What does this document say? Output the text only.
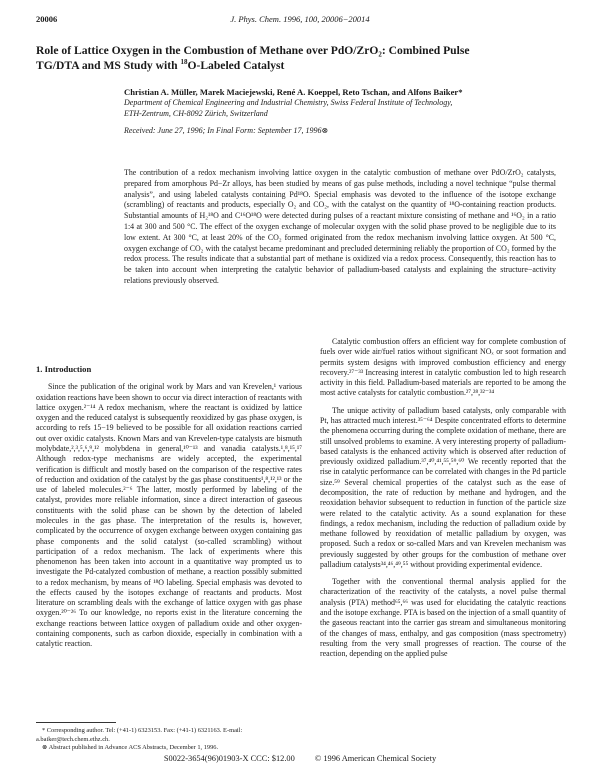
20006	J. Phys. Chem. 1996, 100, 20006−20014
Role of Lattice Oxygen in the Combustion of Methane over PdO/ZrO₂: Combined Pulse
TG/DTA and MS Study with $^{18}$O-Labeled Catalyst
Christian A. Müller, Marek Maciejewski, René A. Koeppel, Reto Tschan, and Alfons Baiker*
Department of Chemical Engineering and Industrial Chemistry, Swiss Federal Institute of Technology,
ETH-Zentrum, CH-8092 Zürich, Switzerland
Received: June 27, 1996; In Final Form: September 17, 1996⊗
The contribution of a redox mechanism involving lattice oxygen in the catalytic combustion of methane over PdO/ZrO₂ catalysts, prepared from amorphous Pd−Zr alloys, has been studied by means of gas pulse methods, including a novel technique “pulse thermal analysis”, and using labeled catalysts containing Pd¹⁸O. Special emphasis was devoted to the influence of the isotope exchange (scrambling) of reactants and products, especially O₂ and CO₂, with the catalyst on the quantity of ¹⁸O-containing reaction products. Substantial amounts of H₂¹⁸O and C¹⁶O¹⁸O were detected during pulses of a reactant mixture consisting of methane and ¹⁶O₂ in a ratio 1:4 at 300 and 500 °C. The effect of the oxygen exchange of molecular oxygen with the solid phase proved to be negligible due to its low extent. At 300 °C, at least 20% of the CO₂ formed originated from the redox mechanism involving lattice oxygen. At 500 °C, oxygen exchange of CO₂ with the catalyst became predominant and precluded determining reliably the proportion of CO₂ formed by the redox process. The results indicate that a substantial part of methane is oxidized via a redox process. Consequently, this reaction has to be taken into account when interpreting the catalytic behavior of palladium-based catalysts and explaining the structure−activity relations previously observed.
1. Introduction

Since the publication of the original work by Mars and van Krevelen,¹ various oxidation reactions have been shown to occur via direct interaction of reactants with lattice oxygen.²⁻¹⁴ A redox mechanism, where the reactant is oxidized by lattice oxygen and the reduced catalyst is subsequently reoxidized by gas phase oxygen, is according to refs 15−19 believed to be possible for all oxidation reactions carried out over oxidic catalysts. Known Mars and van Krevelen-type catalysts are bismuth molybdate,²,³,⁵,⁶,⁹,¹² molybdena in general,¹⁰⁻¹³ and vanadia catalysts.¹,⁸,¹⁵,¹⁷ Although redox-type mechanisms are widely accepted, the experimental verification is difficult and mostly based on the comparison of the respective rates of reduction and oxidation of the catalyst by the gas phase constituents¹,⁸,¹²,¹³ or the use of labeled molecules.²⁻⁶ The latter, mostly performed by labeling of the catalyst, provides more reliable information, since a direct interaction of gaseous constituents with the solid phase can be shown by the detection of labeled molecules in the gas phase. The interpretation of the results is, however, complicated by the occurrence of oxygen exchange between oxygen containing gas phase components and the solid catalyst (so-called scrambling) without participation of a redox mechanism. The lack of experiments where this phenomenon has been taken into account in a quantitative way prompted us to investigate the Pd-catalyzed combustion of methane, a reaction possibly submitted to a redox mechanism, by means of ¹⁸O labeling. Special emphasis was devoted to the effects caused by the isotopes exchange of reactants and products. Most literature on scrambling deals with the exchange of lattice oxygen with gas phase oxygen.²⁰⁻²⁶ To our knowledge, no reports exist in the literature concerning the exchange reactions between lattice oxygen of palladium oxide and other oxygen-containing components, such as carbon dioxide, especially in combination with a catalytic reaction.

Catalytic combustion offers an efficient way for complete combustion of fuels over wide air/fuel ratios without significant NOₓ or soot formation and permits system designs with improved combustion efficiency and energy recovery.²⁷⁻³³ Increasing interest in catalytic combustion led to high research activity in this field. Palladium-based materials are reported to be among the most active catalysts for catalytic combustion.²⁷,²⁸,³²⁻³⁴

The unique activity of palladium based catalysts, only comparable with Pt, has attracted much interest.³⁵⁻⁶⁴ Despite concentrated efforts to determine the phenomena occurring during the complete oxidation of methane, there are still unsolved problems to examine. A very interesting property of palladium-based catalysts is the enhanced activity which is observed after reduction of previously oxidized palladium.³⁷,⁴⁰,⁴¹,⁵⁵,⁵⁹,⁶⁰ We recently reported that the rise in catalytic performance can be correlated with changes in the Pd particle size.⁵⁹ Several chemical properties of the catalyst such as the ease of decomposition, the rate of reduction by methane and hydrogen, and the reoxidation behavior subsequent to reduction in function of the particle size were related to the catalytic activity. As a sound explanation for these findings, a redox mechanism, including the reduction of palladium oxide by methane followed by reoxidation of metallic palladium by oxygen, was proposed. Such a redox or so-called Mars and van Krevelen mechanism was previously suggested by other groups for the combustion of methane over palladium catalysts³⁴,⁴⁶,⁴⁹,⁵⁵ without providing experimental evidence.

Together with the conventional thermal analysis applied for the characterization of the reactivity of the catalysts, a novel pulse thermal analysis (PTA) method⁶⁵,⁶⁶ was used for elucidating the catalytic reactions and the isotope exchange. PTA is based on the injection of a small quantity of the gaseous reactant into the carrier gas stream and simultaneous monitoring of the changes of mass, enthalpy, and gas composition (mass spectrometry) resulting from the very small progresses of reaction. The course of the reaction, depending on the applied pulse

* Corresponding author. Tel: (+41-1) 6323153. Fax: (+41-1) 6321163. E-mail: a.baiker@tech.chem.ethz.ch.
⊗ Abstract published in Advance ACS Abstracts, December 1, 1996.
S0022-3654(96)01903-X CCC: $12.00 © 1996 American Chemical Society
